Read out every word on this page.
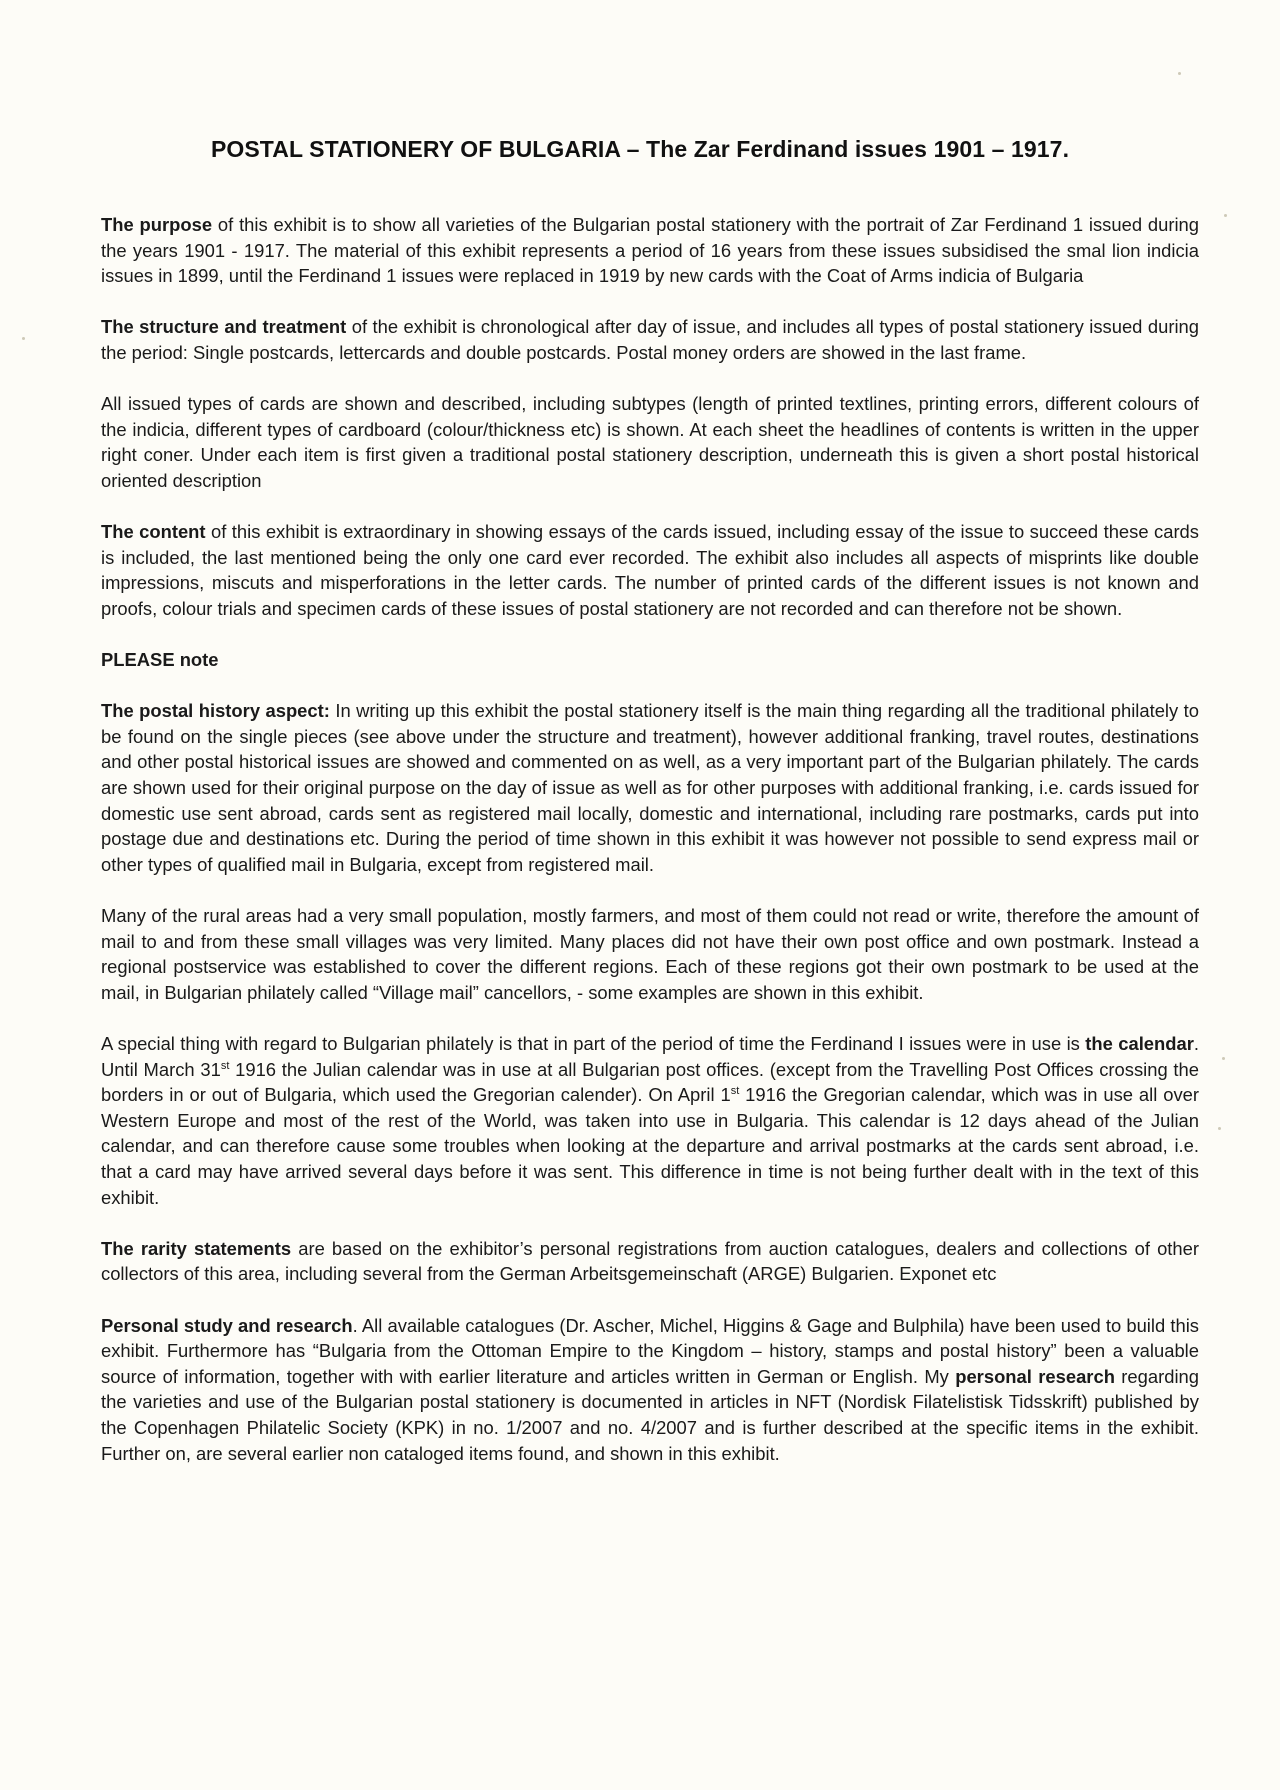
POSTAL STATIONERY OF BULGARIA – The Zar Ferdinand issues 1901 – 1917.

The purpose of this exhibit is to show all varieties of the Bulgarian postal stationery with the portrait of Zar Ferdinand 1 issued during the years 1901 - 1917. The material of this exhibit represents a period of 16 years from these issues subsidised the smal lion indicia issues in 1899, until the Ferdinand 1 issues were replaced in 1919 by new cards with the Coat of Arms indicia of Bulgaria

The structure and treatment of the exhibit is chronological after day of issue, and includes all types of postal stationery issued during the period: Single postcards, lettercards and double postcards. Postal money orders are showed in the last frame.

All issued types of cards are shown and described, including subtypes (length of printed textlines, printing errors, different colours of the indicia, different types of cardboard (colour/thickness etc) is shown. At each sheet the headlines of contents is written in the upper right coner. Under each item is first given a traditional postal stationery description, underneath this is given a short postal historical oriented description

The content of this exhibit is extraordinary in showing essays of the cards issued, including essay of the issue to succeed these cards is included, the last mentioned being the only one card ever recorded. The exhibit also includes all aspects of misprints like double impressions, miscuts and misperforations in the letter cards. The number of printed cards of the different issues is not known and proofs, colour trials and specimen cards of these issues of postal stationery are not recorded and can therefore not be shown.

PLEASE note

The postal history aspect: In writing up this exhibit the postal stationery itself is the main thing regarding all the traditional philately to be found on the single pieces (see above under the structure and treatment), however additional franking, travel routes, destinations and other postal historical issues are showed and commented on as well, as a very important part of the Bulgarian philately. The cards are shown used for their original purpose on the day of issue as well as for other purposes with additional franking, i.e. cards issued for domestic use sent abroad, cards sent as registered mail locally, domestic and international, including rare postmarks, cards put into postage due and destinations etc. During the period of time shown in this exhibit it was however not possible to send express mail or other types of qualified mail in Bulgaria, except from registered mail.

Many of the rural areas had a very small population, mostly farmers, and most of them could not read or write, therefore the amount of mail to and from these small villages was very limited. Many places did not have their own post office and own postmark. Instead a regional postservice was established to cover the different regions. Each of these regions got their own postmark to be used at the mail, in Bulgarian philately called “Village mail” cancellors, - some examples are shown in this exhibit.

A special thing with regard to Bulgarian philately is that in part of the period of time the Ferdinand I issues were in use is the calendar. Until March 31st 1916 the Julian calendar was in use at all Bulgarian post offices. (except from the Travelling Post Offices crossing the borders in or out of Bulgaria, which used the Gregorian calender). On April 1st 1916 the Gregorian calendar, which was in use all over Western Europe and most of the rest of the World, was taken into use in Bulgaria. This calendar is 12 days ahead of the Julian calendar, and can therefore cause some troubles when looking at the departure and arrival postmarks at the cards sent abroad, i.e. that a card may have arrived several days before it was sent. This difference in time is not being further dealt with in the text of this exhibit.

The rarity statements are based on the exhibitor’s personal registrations from auction catalogues, dealers and collections of other collectors of this area, including several from the German Arbeitsgemeinschaft (ARGE) Bulgarien. Exponet etc

Personal study and research. All available catalogues (Dr. Ascher, Michel, Higgins & Gage and Bulphila) have been used to build this exhibit. Furthermore has “Bulgaria from the Ottoman Empire to the Kingdom – history, stamps and postal history” been a valuable source of information, together with with earlier literature and articles written in German or English. My personal research regarding the varieties and use of the Bulgarian postal stationery is documented in articles in NFT (Nordisk Filatelistisk Tidsskrift) published by the Copenhagen Philatelic Society (KPK) in no. 1/2007 and no. 4/2007 and is further described at the specific items in the exhibit. Further on, are several earlier non cataloged items found, and shown in this exhibit.
